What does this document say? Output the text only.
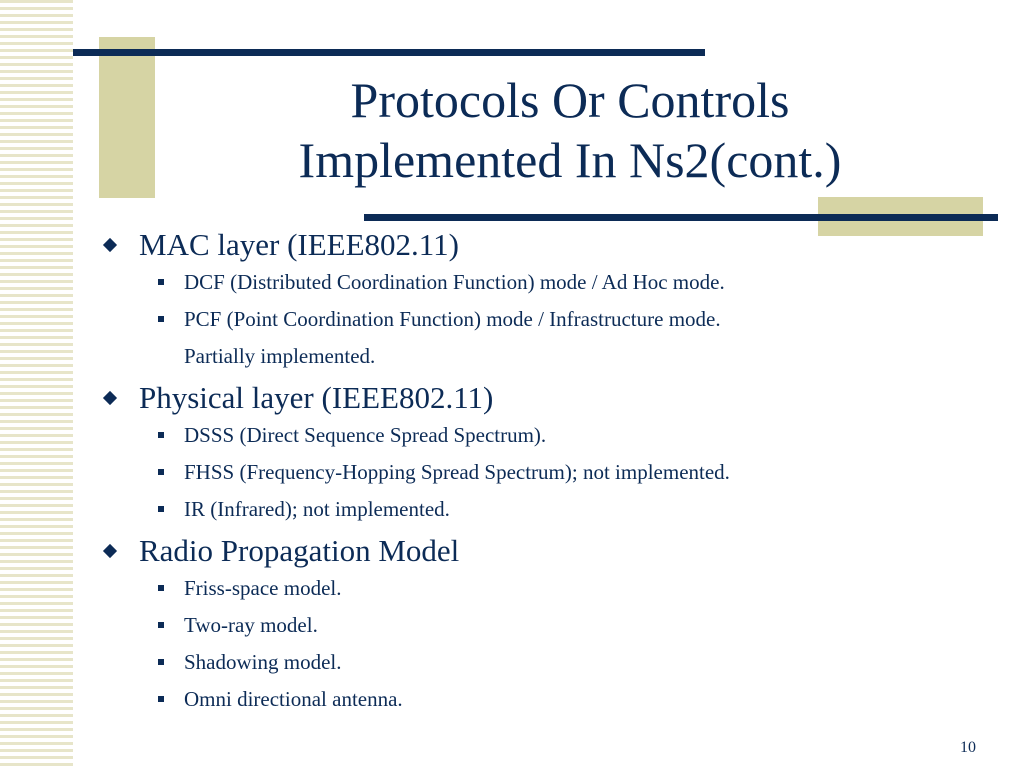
Protocols Or Controls
Implemented In Ns2(cont.)
MAC layer (IEEE802.11)
DCF (Distributed Coordination Function) mode / Ad Hoc mode.
PCF (Point Coordination Function) mode / Infrastructure mode.
Partially implemented.
Physical layer (IEEE802.11)
DSSS (Direct Sequence Spread Spectrum).
FHSS (Frequency-Hopping Spread Spectrum); not implemented.
IR (Infrared); not implemented.
Radio Propagation Model
Friss-space model.
Two-ray model.
Shadowing model.
Omni directional antenna.
10
